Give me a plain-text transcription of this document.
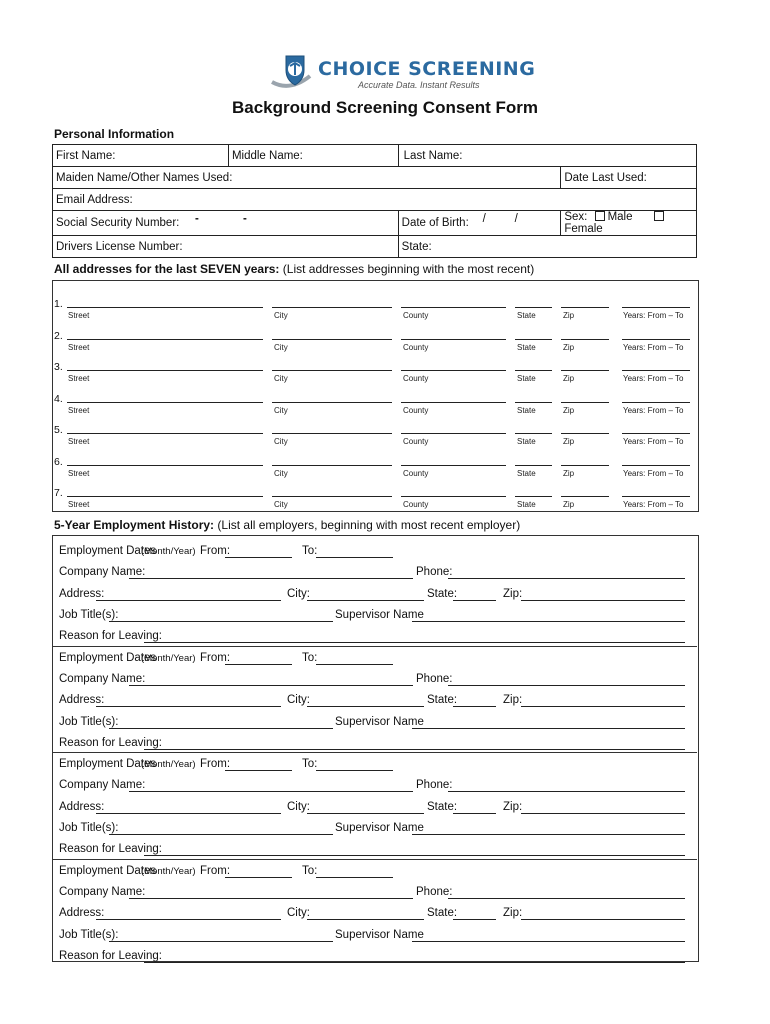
CHOICE SCREENING
Accurate Data. Instant Results
Background Screening Consent Form
Personal Information
First Name:	Middle Name:	Last Name:	
Maiden Name/Other Names Used:			Date Last Used:
Email Address:			
Social Security Number: - -		Date of Birth: / /	Sex: Male Female
Drivers License Number:		State:	
All addresses for the last SEVEN years: (List addresses beginning with the most recent)
1.
Street	City	County	State	Zip	Years: From – To
2.
Street	City	County	State	Zip	Years: From – To
3.
Street	City	County	State	Zip	Years: From – To
4.
Street	City	County	State	Zip	Years: From – To
5.
Street	City	County	State	Zip	Years: From – To
6.
Street	City	County	State	Zip	Years: From – To
7.
Street	City	County	State	Zip	Years: From – To
5-Year Employment History: (List all employers, beginning with most recent employer)
Employment Dates
(Month/Year) From:	To:
Company Name:	Phone:
Address:	City:	State:	Zip:
Job Title(s):	Supervisor Name
Reason for Leaving:
Employment Dates
(Month/Year) From:	To:
Company Name:	Phone:
Address:	City:	State:	Zip:
Job Title(s):	Supervisor Name
Reason for Leaving:
Employment Dates
(Month/Year) From:	To:
Company Name:	Phone:
Address:	City:	State:	Zip:
Job Title(s):	Supervisor Name
Reason for Leaving:
Employment Dates
(Month/Year) From:	To:
Company Name:	Phone:
Address:	City:	State:	Zip:
Job Title(s):	Supervisor Name
Reason for Leaving:
